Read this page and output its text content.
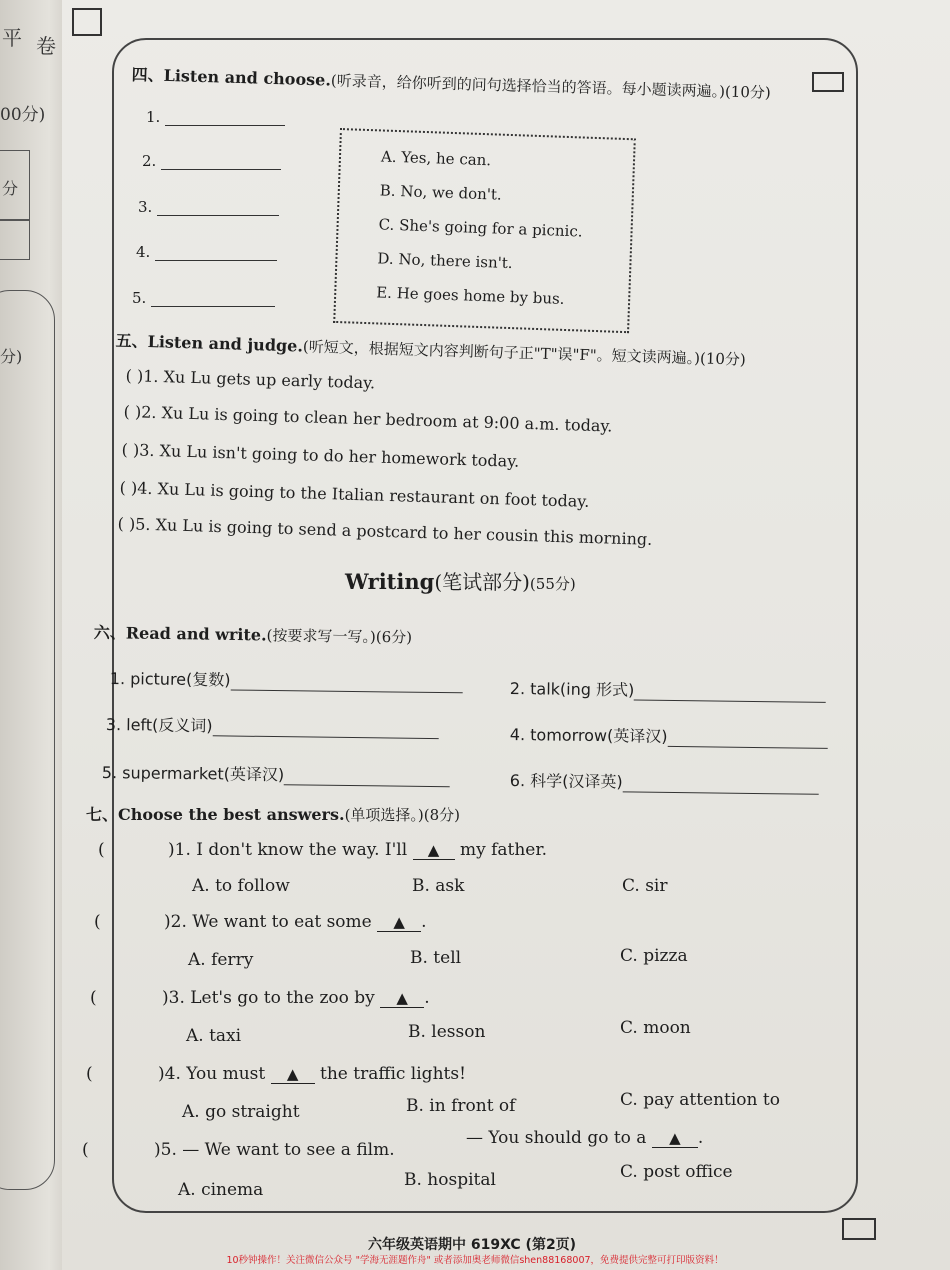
平 卷
00分)
分
分)
四、Listen and choose.(听录音，给你听到的问句选择恰当的答语。每小题读两遍。)(10分)
1.
2.
3.
4.
5.
A. Yes, he can.
B. No, we don't.
C. She's going for a picnic.
D. No, there isn't.
E. He goes home by bus.
五、Listen and judge.(听短文，根据短文内容判断句子正"T"误"F"。短文读两遍。)(10分)
( )1. Xu Lu gets up early today.
( )2. Xu Lu is going to clean her bedroom at 9:00 a.m. today.
( )3. Xu Lu isn't going to do her homework today.
( )4. Xu Lu is going to the Italian restaurant on foot today.
( )5. Xu Lu is going to send a postcard to her cousin this morning.
Writing(笔试部分)(55分)
六、Read and write.(按要求写一写。)(6分)
1. picture(复数)	2. talk(ing 形式)
3. left(反义词)	4. tomorrow(英译汉)
5. supermarket(英译汉)	6. 科学(汉译英)
七、Choose the best answers.(单项选择。)(8分)
(	)1. I don't know the way. I'll ▲ my father.
A. to follow	B. ask	C. sir
(	)2. We want to eat some ▲ .
A. ferry	B. tell	C. pizza
(	)3. Let's go to the zoo by ▲ .
A. taxi	B. lesson	C. moon
(	)4. You must ▲ the traffic lights!
A. go straight	B. in front of	C. pay attention to
(	)5. — We want to see a film.
— You should go to a ▲ .
A. cinema	B. hospital	C. post office
六年级英语期中 619XC (第2页)
10秒钟操作！关注微信公众号 "学海无涯题作舟" 或者添加奥老师微信shen88168007，免费提供完整可打印版资料！
